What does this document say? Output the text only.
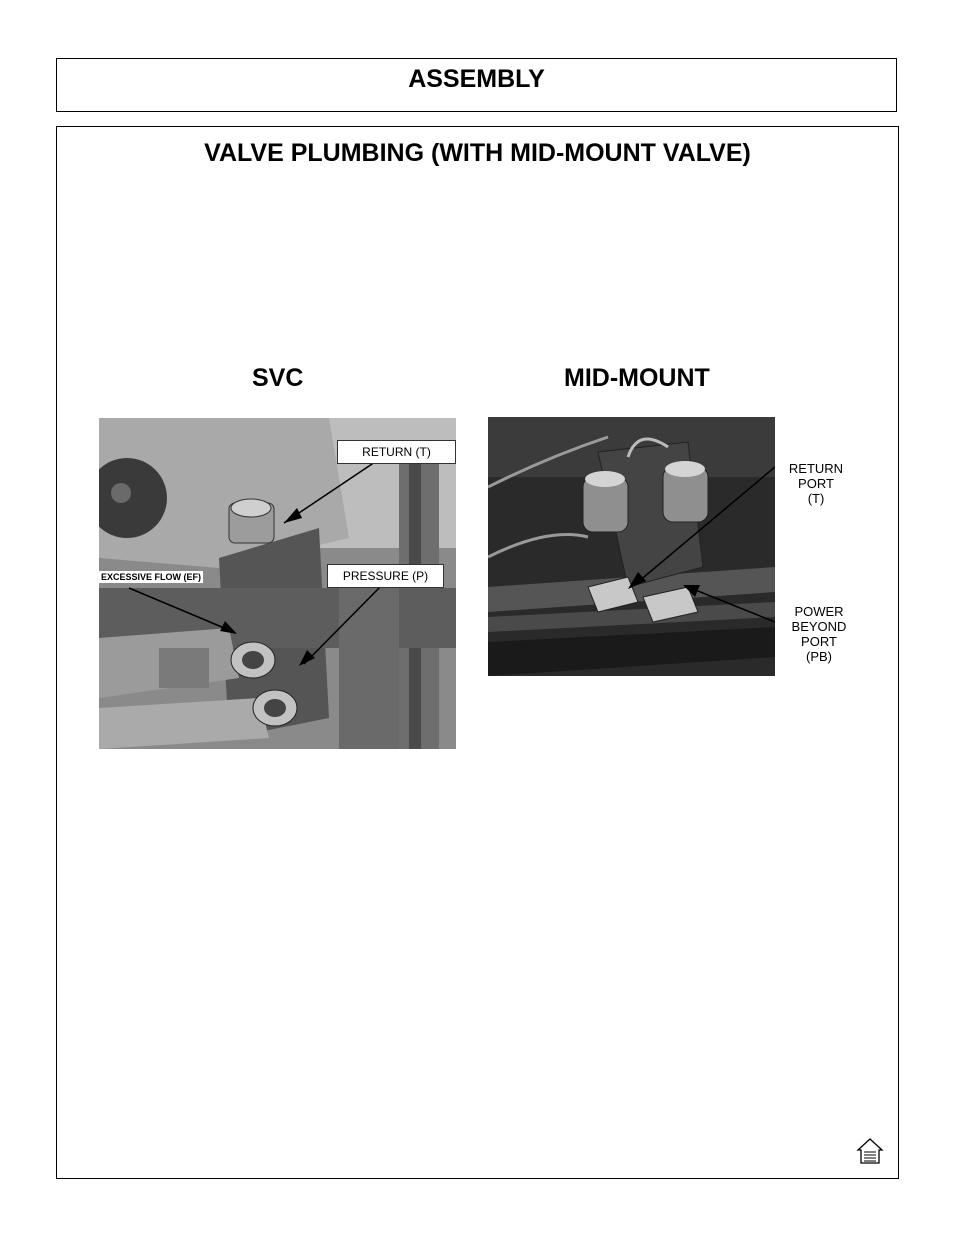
ASSEMBLY
VALVE PLUMBING (WITH MID-MOUNT VALVE)
SVC	MID-MOUNT
RETURN (T)
PRESSURE (P)
EXCESSIVE FLOW (EF)
RETURN
PORT
(T)
POWER
BEYOND
PORT
(PB)
